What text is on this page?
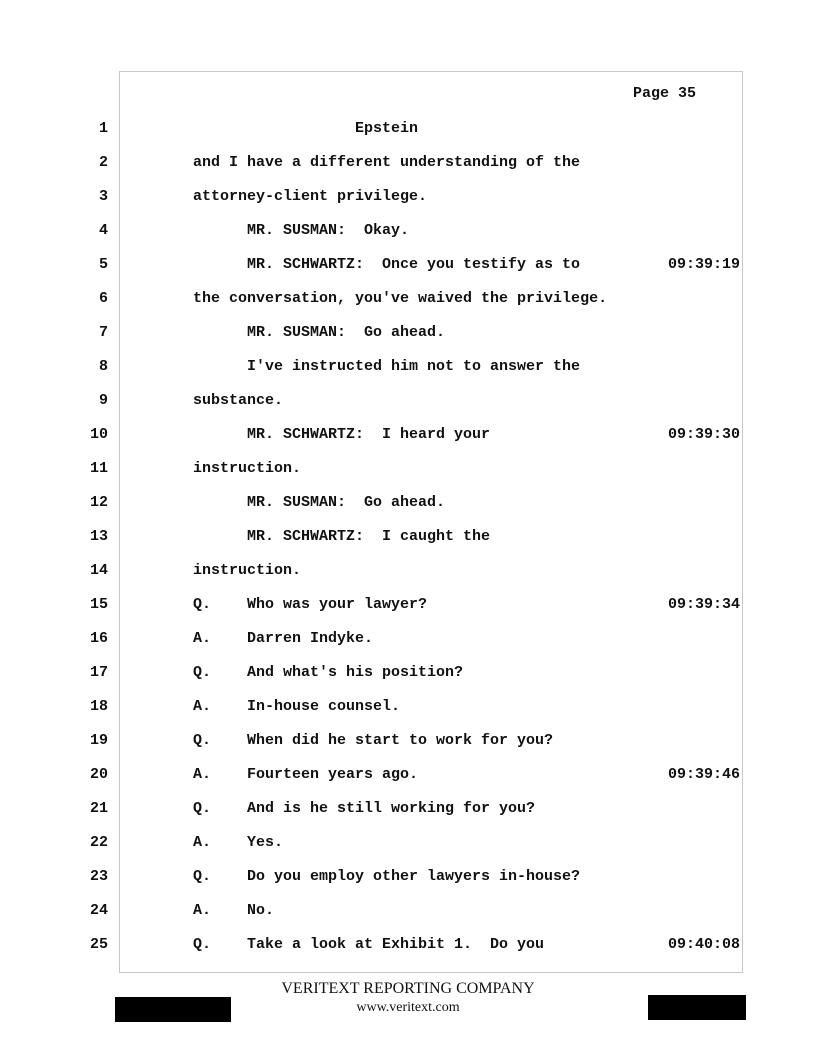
Page 35
1	Epstein
2	and I have a different understanding of the
3	attorney-client privilege.
4	MR. SUSMAN:  Okay.
5	MR. SCHWARTZ:  Once you testify as to	09:39:19
6	the conversation, you've waived the privilege.
7	MR. SUSMAN:  Go ahead.
8	I've instructed him not to answer the
9	substance.
10	MR. SCHWARTZ:  I heard your	09:39:30
11	instruction.
12	MR. SUSMAN:  Go ahead.
13	MR. SCHWARTZ:  I caught the
14	instruction.
15	Q.    Who was your lawyer?	09:39:34
16	A.    Darren Indyke.
17	Q.    And what's his position?
18	A.    In-house counsel.
19	Q.    When did he start to work for you?
20	A.    Fourteen years ago.	09:39:46
21	Q.    And is he still working for you?
22	A.    Yes.
23	Q.    Do you employ other lawyers in-house?
24	A.    No.
25	Q.    Take a look at Exhibit 1.  Do you	09:40:08
VERITEXT REPORTING COMPANY
www.veritext.com
